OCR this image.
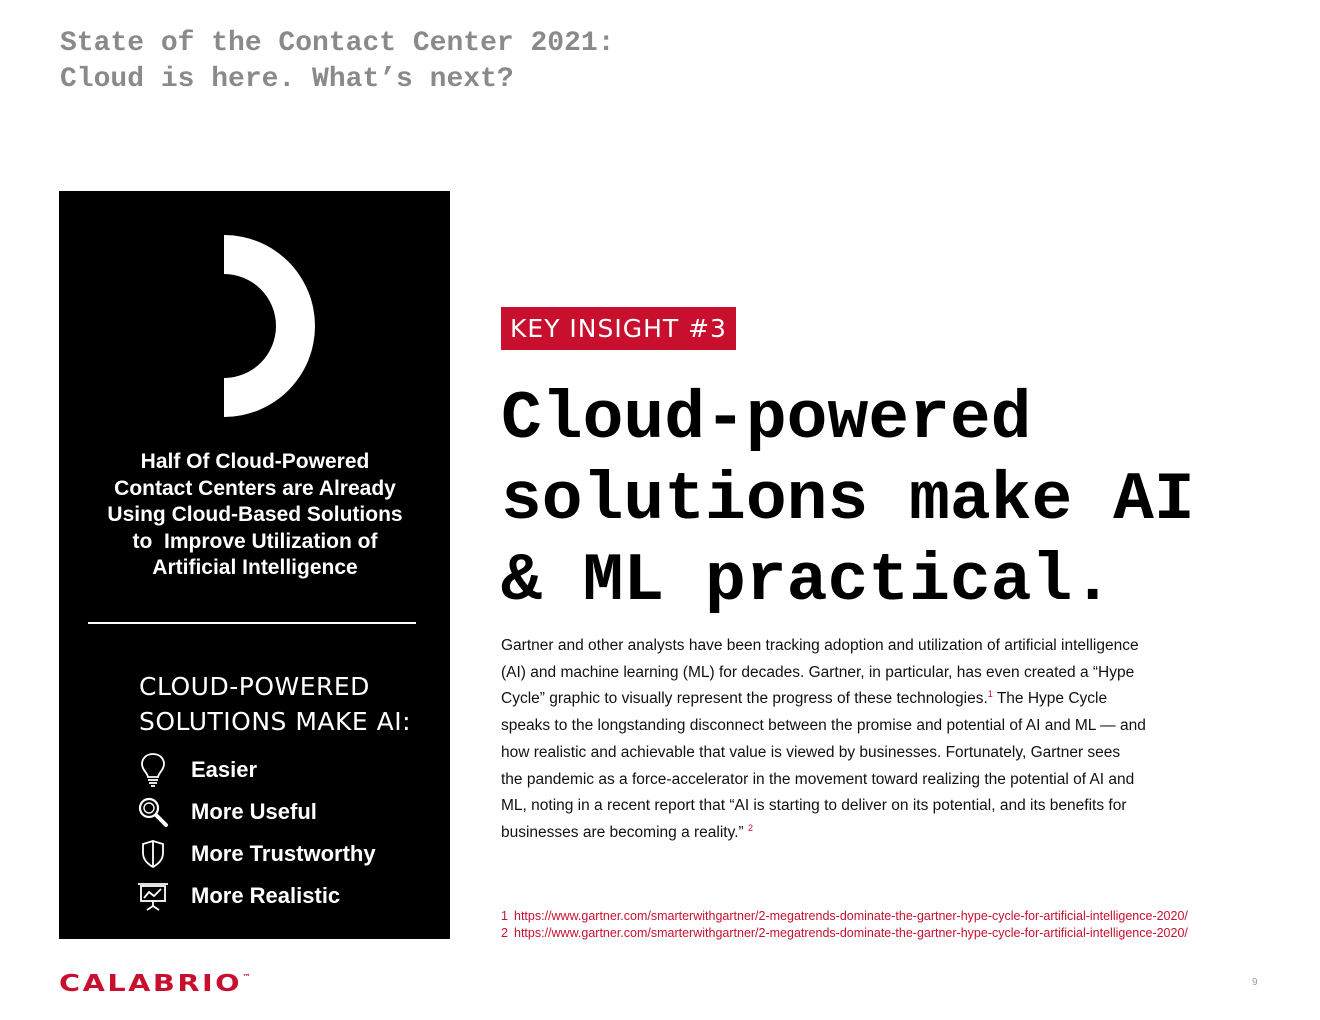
State of the Contact Center 2021:
Cloud is here. What’s next?
Half Of Cloud-Powered
Contact Centers are Already
Using Cloud-Based Solutions
to  Improve Utilization of
Artificial Intelligence
CLOUD-POWERED
SOLUTIONS MAKE AI:
Easier
More Useful
More Trustworthy
More Realistic
KEY INSIGHT #3
Cloud-powered
solutions make AI
& ML practical.

Gartner and other analysts have been tracking adoption and utilization of artificial intelligence
(AI) and machine learning (ML) for decades. Gartner, in particular, has even created a “Hype
Cycle” graphic to visually represent the progress of these technologies.$^1$ The Hype Cycle
speaks to the longstanding disconnect between the promise and potential of AI and ML — and
how realistic and achievable that value is viewed by businesses. Fortunately, Gartner sees
the pandemic as a force-accelerator in the movement toward realizing the potential of AI and
ML, noting in a recent report that “AI is starting to deliver on its potential, and its benefits for
businesses are becoming a reality.” $^2$

1 https://www.gartner.com/smarterwithgartner/2-megatrends-dominate-the-gartner-hype-cycle-for-artificial-intelligence-2020/
2 https://www.gartner.com/smarterwithgartner/2-megatrends-dominate-the-gartner-hype-cycle-for-artificial-intelligence-2020/
CALABRIO™	9
